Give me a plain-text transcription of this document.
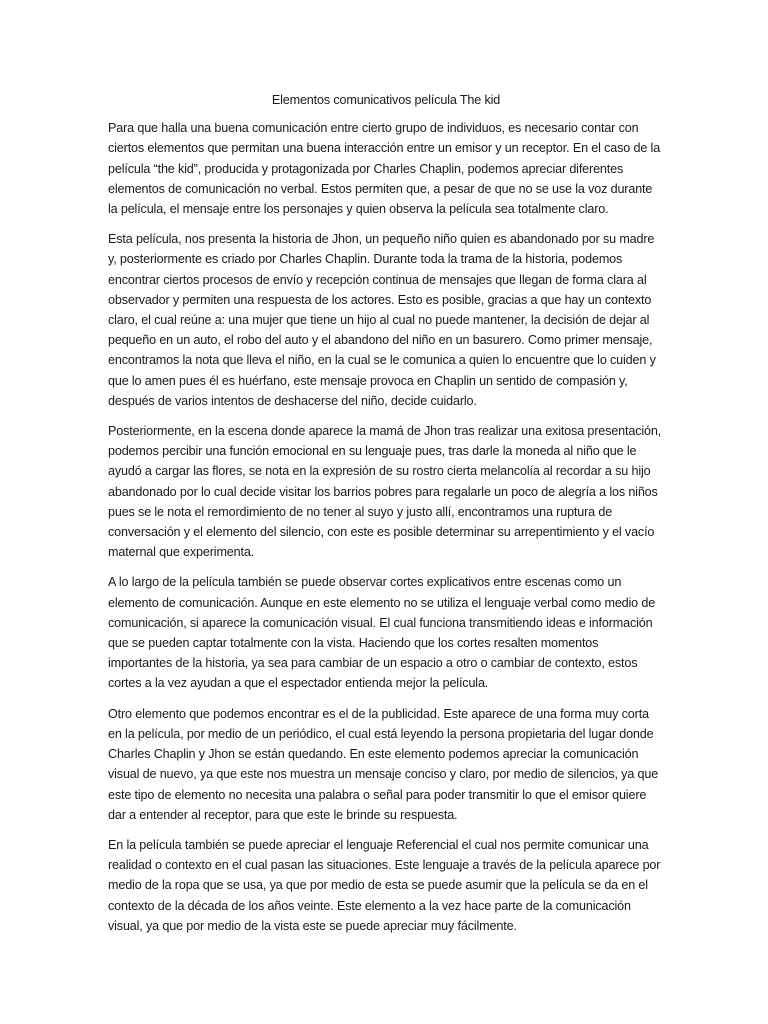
Elementos comunicativos película The kid

Para que halla una buena comunicación entre cierto grupo de individuos, es necesario contar con ciertos elementos que permitan una buena interacción entre un emisor y un receptor. En el caso de la película “the kid”, producida y protagonizada por Charles Chaplin, podemos apreciar diferentes elementos de comunicación no verbal. Estos permiten que, a pesar de que no se use la voz durante la película, el mensaje entre los personajes y quien observa la película sea totalmente claro.

Esta película, nos presenta la historia de Jhon, un pequeño niño quien es abandonado por su madre y, posteriormente es criado por Charles Chaplin. Durante toda la trama de la historia, podemos encontrar ciertos procesos de envío y recepción continua de mensajes que llegan de forma clara al observador y permiten una respuesta de los actores. Esto es posible, gracias a que hay un contexto claro, el cual reúne a: una mujer que tiene un hijo al cual no puede mantener, la decisión de dejar al pequeño en un auto, el robo del auto y el abandono del niño en un basurero. Como primer mensaje, encontramos la nota que lleva el niño, en la cual se le comunica a quien lo encuentre que lo cuiden y que lo amen pues él es huérfano, este mensaje provoca en Chaplin un sentido de compasión y, después de varios intentos de deshacerse del niño, decide cuidarlo.

Posteriormente, en la escena donde aparece la mamá de Jhon tras realizar una exitosa presentación, podemos percibir una función emocional en su lenguaje pues, tras darle la moneda al niño que le ayudó a cargar las flores, se nota en la expresión de su rostro cierta melancolía al recordar a su hijo abandonado por lo cual decide visitar los barrios pobres para regalarle un poco de alegría a los niños pues se le nota el remordimiento de no tener al suyo y justo allí, encontramos una ruptura de conversación y el elemento del silencio, con este es posible determinar su arrepentimiento y el vacío maternal que experimenta.

A lo largo de la película también se puede observar cortes explicativos entre escenas como un elemento de comunicación. Aunque en este elemento no se utiliza el lenguaje verbal como medio de comunicación, si aparece la comunicación visual. El cual funciona transmitiendo ideas e información que se pueden captar totalmente con la vista. Haciendo que los cortes resalten momentos importantes de la historia, ya sea para cambiar de un espacio a otro o cambiar de contexto, estos cortes a la vez ayudan a que el espectador entienda mejor la película.

Otro elemento que podemos encontrar es el de la publicidad. Este aparece de una forma muy corta en la película, por medio de un periódico, el cual está leyendo la persona propietaria del lugar donde Charles Chaplin y Jhon se están quedando. En este elemento podemos apreciar la comunicación visual de nuevo, ya que este nos muestra un mensaje conciso y claro, por medio de silencios, ya que este tipo de elemento no necesita una palabra o señal para poder transmitir lo que el emisor quiere dar a entender al receptor, para que este le brinde su respuesta.

En la película también se puede apreciar el lenguaje Referencial el cual nos permite comunicar una realidad o contexto en el cual pasan las situaciones. Este lenguaje a través de la película aparece por medio de la ropa que se usa, ya que por medio de esta se puede asumir que la película se da en el contexto de la década de los años veinte. Este elemento a la vez hace parte de la comunicación visual, ya que por medio de la vista este se puede apreciar muy fácilmente.
